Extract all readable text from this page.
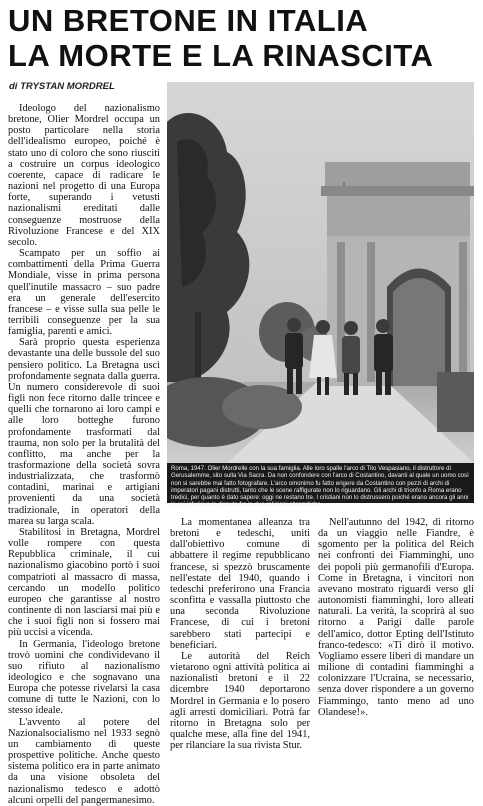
UN BRETONE IN ITALIA
LA MORTE E LA RINASCITA
di TRYSTAN MORDREL

Ideologo del nazionalismo bretone, Olier Mordrel occupa un posto particolare nella storia dell'idealismo europeo, poiché è stato uno di coloro che sono riusciti a costruire un corpus ideologico coerente, capace di radicare le nazioni nel progetto di una Europa forte, superando i vetusti nazionalismi ereditati dalle conseguenze mostruose della Rivoluzione Francese e del XIX secolo.

Scampato per un soffio ai combattimenti della Prima Guerra Mondiale, visse in prima persona quell'inutile massacro – suo padre era un generale dell'esercito francese – e visse sulla sua pelle le terribili conseguenze per la sua famiglia, parenti e amici.

Sarà proprio questa esperienza devastante una delle bussole del suo pensiero politico. La Bretagna uscì profondamente segnata dalla guerra. Un numero considerevole di suoi figli non fece ritorno dalle trincee e quelli che tornarono ai loro campi e alle loro botteghe furono profondamente trasformati dal trauma, non solo per la brutalità del conflitto, ma anche per la trasformazione della società sovra industrializzata, che trasformò contadini, marinai e artigiani provenienti da una società tradizionale, in operatori della marea su larga scala.

Stabilitosi in Bretagna, Mordrel volle rompere con questa Repubblica criminale, il cui nazionalismo giacobino portò i suoi compatrioti al massacro di massa, cercando un modello politico europeo che garantisse al nostro continente di non lasciarsi mai più e che i suoi figli non si fossero mai più uccisi a vicenda.

In Germania, l'ideologo bretone trovò uomini che condividevano il suo rifiuto al nazionalismo ideologico e che sognavano una Europa che potesse rivelarsi la casa comune di tutte le Nazioni, con lo stesso ideale.

L'avvento al potere del Nazionalsocialismo nel 1933 segnò un cambiamento di queste prospettive politiche. Anche questo sistema politico era in parte animato da una visione obsoleta del nazionalismo tedesco e adottò alcuni orpelli del pangermanesimo.

Roma, 1947. Olier Mordrelle con la sua famiglia. Alle loro spalle l'arco di Tito Vespasiano, il distruttore di Gerusalemme, sito sulla Via Sacra. Da non confondere con l'arco di Costantino, davanti al quale un uomo così non si sarebbe mai fatto fotografare. L'arco omonimo fu fatto erigere da Costantino con pezzi di archi di imperatori pagani distrutti, tanto che le scene raffigurate non lo riguardano. Gli archi di trionfo a Roma erano tredici, per quanto è dato sapere: oggi ne restano tre. I cristiani non lo distrussero poiché erano ancora gli anni in cui infuriava la disputa fra le due religioni abramitiche.

La momentanea alleanza tra bretoni e tedeschi, uniti dall'obiettivo comune di abbattere il regime repubblicano francese, si spezzò bruscamente nell'estate del 1940, quando i tedeschi preferirono una Francia sconfitta e vassalla piuttosto che una seconda Rivoluzione Francese, di cui i bretoni sarebbero stati partecipi e beneficiari.

Le autorità del Reich vietarono ogni attività politica ai nazionalisti bretoni e il 22 dicembre 1940 deportarono Mordrel in Germania e lo posero agli arresti domiciliari. Potrà far ritorno in Bretagna solo per qualche mese, alla fine del 1941, per rilanciare la sua rivista Stur.

Nell'autunno del 1942, di ritorno da un viaggio nelle Fiandre, è sgomento per la politica del Reich nei confronti dei Fiamminghi, uno dei popoli più germanofili d'Europa. Come in Bretagna, i vincitori non avevano mostrato riguardi verso gli autonomisti fiamminghi, loro alleati naturali. La verità, la scoprirà al suo ritorno a Parigi dalle parole dell'amico, dottor Epting dell'Istituto franco-tedesco: «Ti dirò il motivo. Vogliamo essere liberi di mandare un milione di contadini fiamminghi a colonizzare l'Ucraina, se necessario, senza dover rispondere a un governo Fiammingo, tanto meno ad uno Olandese!».
